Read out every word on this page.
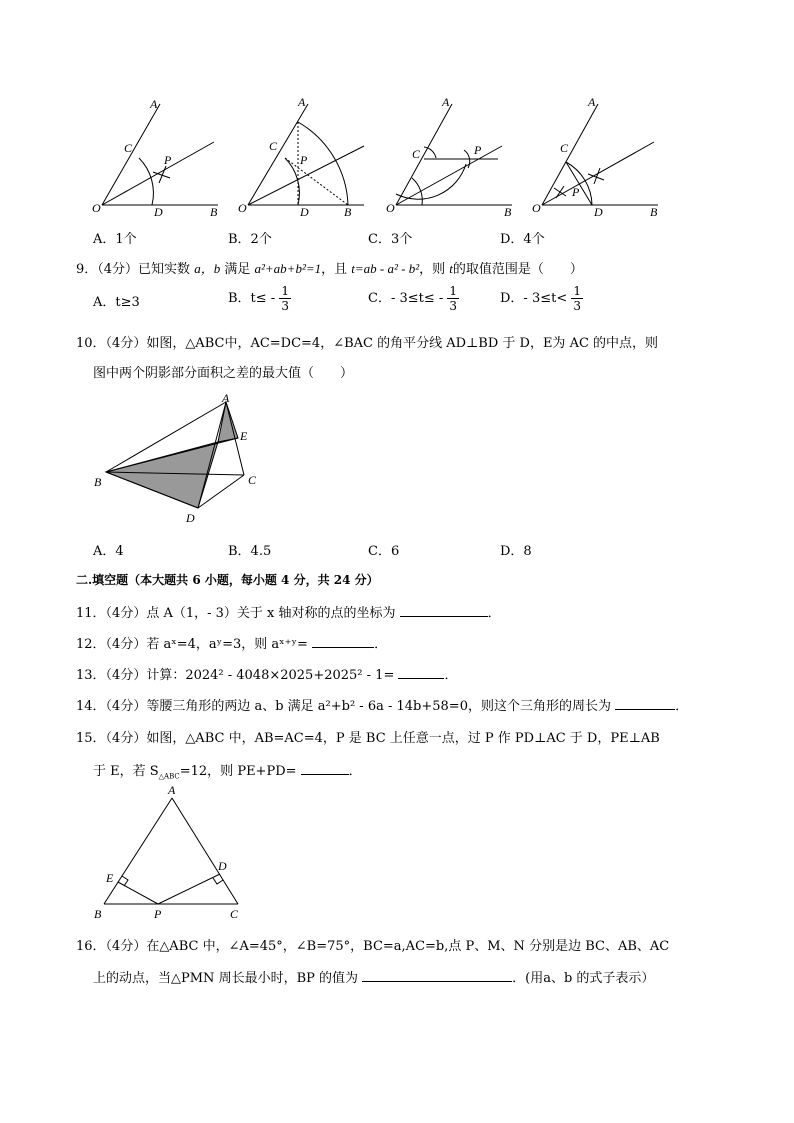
A
C
P
O	D	B
A
C
P
O	D	B
A
C	P
O	B
A
C
P
O	D	B
A．1个	B．2个	C．3个	D．4个
9．（4分）已知实数 a，b 满足 a²+ab+b²=1，且 t=ab - a² - b²，则 t的取值范围是（　　）
A．t≥3	B．$t\le - \frac{1}{3}$	C．- $3\le t\le - \frac{1}{3}$	D．- $3\le t< \frac{1}{3}$
10．（4分）如图，△ABC中，AC=DC=4，∠BAC 的角平分线 AD⊥BD 于 D，E为 AC 的中点，则
图中两个阴影部分面积之差的最大值（　　）
A
E
B	C
D
A．4	B．4.5	C．6	D．8
二.填空题（本大题共 6 小题，每小题 4 分，共 24 分）
11．（4分）点 A（1，- 3）关于 x 轴对称的点的坐标为	．
12．（4分）若 aˣ=4，aʸ=3，则 aˣ⁺ʸ=	．
13．（4分）计算：2024² - 4048×2025+2025² - 1=	．
14．（4分）等腰三角形的两边 a、b 满足 a²+b² - 6a - 14b+58=0，则这个三角形的周长为	．
15．（4分）如图，△ABC 中，AB=AC=4，P 是 BC 上任意一点，过 P 作 PD⊥AC 于 D，PE⊥AB
于 E，若 $S_{\triangle ABC}=12$，则 PE+PD=	．
A
E
D
B	P	C
16．（4分）在△ABC 中，∠A=45°，∠B=75°，BC=a,AC=b,点 P、M、N 分别是边 BC、AB、AC
上的动点，当△PMN 周长最小时，BP 的值为	．(用a、b 的式子表示）
